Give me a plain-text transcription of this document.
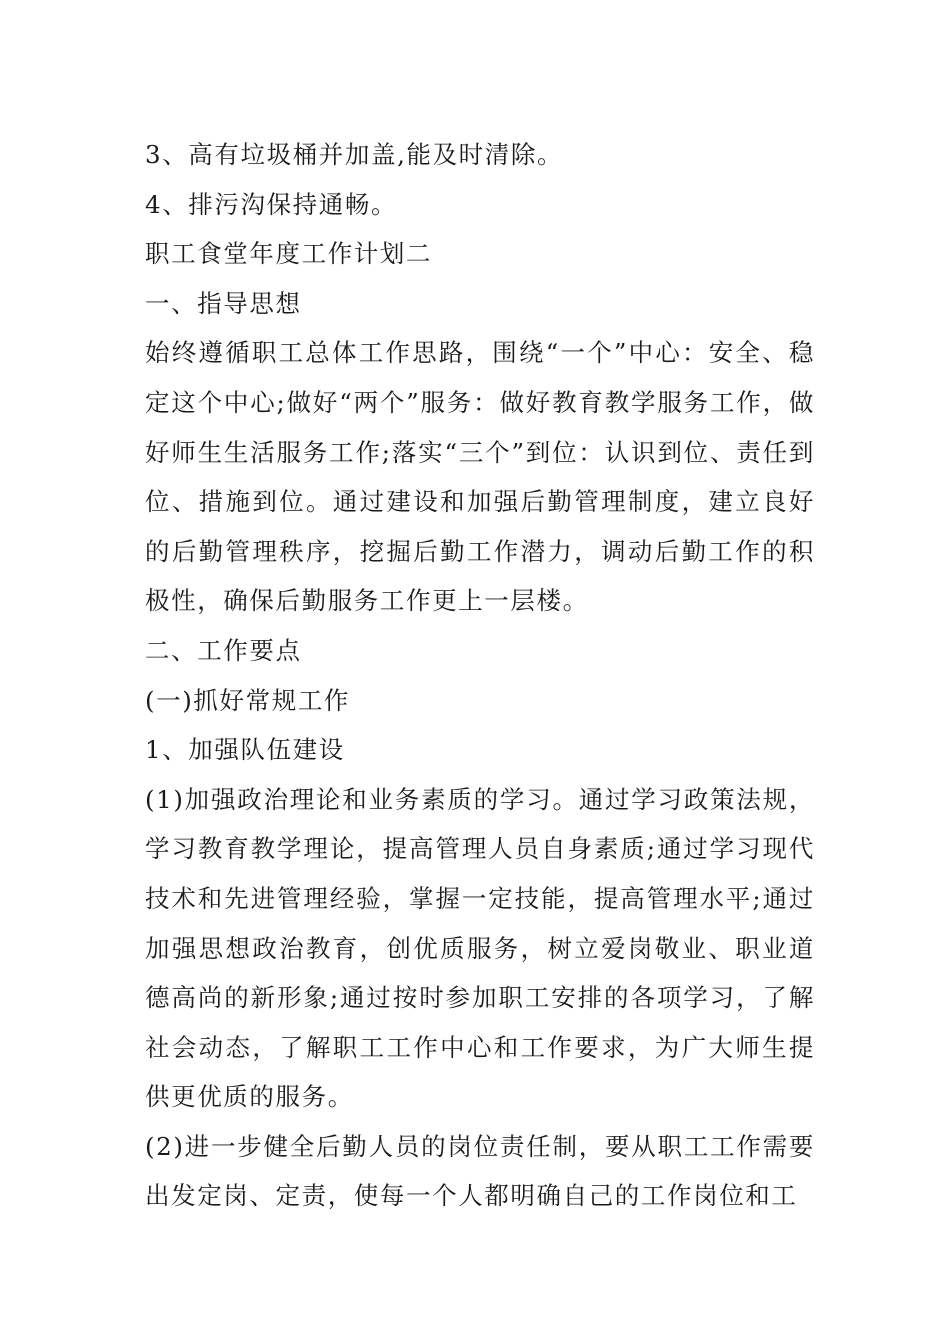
3、高有垃圾桶并加盖,能及时清除。

4、排污沟保持通畅。

职工食堂年度工作计划二

一、指导思想

始终遵循职工总体工作思路，围绕“一个”中心：安全、稳定这个中心;做好“两个”服务：做好教育教学服务工作，做好师生生活服务工作;落实“三个”到位：认识到位、责任到位、措施到位。通过建设和加强后勤管理制度，建立良好的后勤管理秩序，挖掘后勤工作潜力，调动后勤工作的积极性，确保后勤服务工作更上一层楼。

二、工作要点

(一)抓好常规工作

1、加强队伍建设

(1)加强政治理论和业务素质的学习。通过学习政策法规，学习教育教学理论，提高管理人员自身素质;通过学习现代技术和先进管理经验，掌握一定技能，提高管理水平;通过加强思想政治教育，创优质服务，树立爱岗敬业、职业道德高尚的新形象;通过按时参加职工安排的各项学习，了解社会动态，了解职工工作中心和工作要求，为广大师生提供更优质的服务。

(2)进一步健全后勤人员的岗位责任制，要从职工工作需要出发定岗、定责，使每一个人都明确自己的工作岗位和工
